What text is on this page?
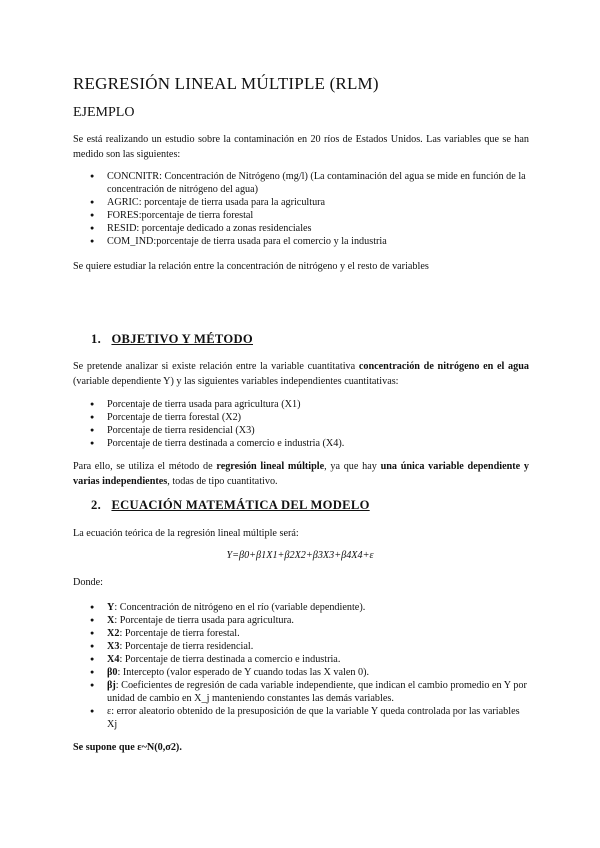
REGRESIÓN LINEAL MÚLTIPLE (RLM)
EJEMPLO
Se está realizando un estudio sobre la contaminación en 20 ríos de Estados Unidos. Las variables que se han medido son las siguientes:
● CONCNITR: Concentración de Nitrógeno (mg/l) (La contaminación del agua se mide en función de la concentración de nitrógeno del agua)
● AGRIC: porcentaje de tierra usada para la agricultura
● FORES:porcentaje de tierra forestal
● RESID: porcentaje dedicado a zonas residenciales
● COM_IND:porcentaje de tierra usada para el comercio y la industria
Se quiere estudiar la relación entre la concentración de nitrógeno y el resto de variables
1. OBJETIVO Y MÉTODO
Se pretende analizar si existe relación entre la variable cuantitativa concentración de nitrógeno en el agua (variable dependiente Y) y las siguientes variables independientes cuantitativas:
● Porcentaje de tierra usada para agricultura (X1)
● Porcentaje de tierra forestal (X2)
● Porcentaje de tierra residencial (X3)
● Porcentaje de tierra destinada a comercio e industria (X4).
Para ello, se utiliza el método de regresión lineal múltiple, ya que hay una única variable dependiente y varias independientes, todas de tipo cuantitativo.
2. ECUACIÓN MATEMÁTICA DEL MODELO
La ecuación teórica de la regresión lineal múltiple será:
Y=β0+β1X1+β2X2+β3X3+β4X4+ε
Donde:
● Y: Concentración de nitrógeno en el río (variable dependiente).
● X: Porcentaje de tierra usada para agricultura.
● X2: Porcentaje de tierra forestal.
● X3: Porcentaje de tierra residencial.
● X4: Porcentaje de tierra destinada a comercio e industria.
● β0: Intercepto (valor esperado de Y cuando todas las X valen 0).
● βj: Coeficientes de regresión de cada variable independiente, que indican el cambio promedio en Y por unidad de cambio en X_j manteniendo constantes las demás variables.
● ε: error aleatorio obtenido de la presuposición de que la variable Y queda controlada por las variables Xj
Se supone que ε~N(0,σ2).
